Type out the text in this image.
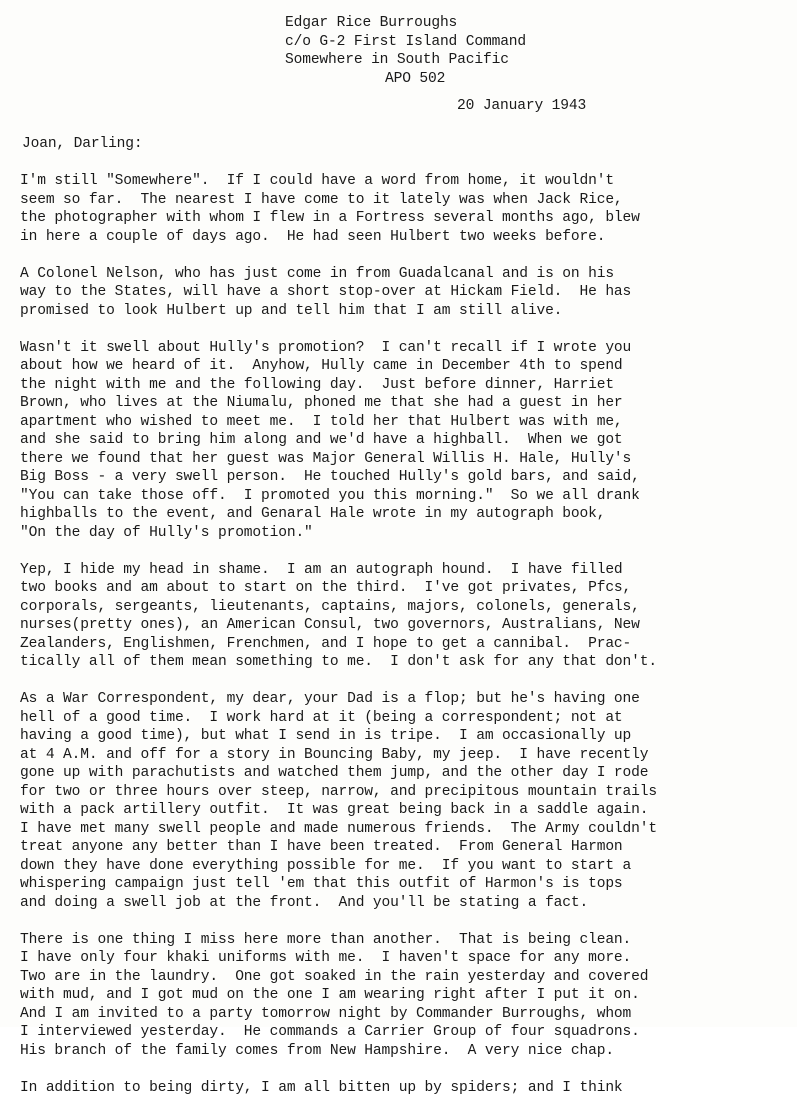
Edgar Rice Burroughs
c/o G-2 First Island Command
Somewhere in South Pacific
APO 502
20 January 1943
Joan, Darling:
I'm still "Somewhere".  If I could have a word from home, it wouldn't
seem so far.  The nearest I have come to it lately was when Jack Rice,
the photographer with whom I flew in a Fortress several months ago, blew
in here a couple of days ago.  He had seen Hulbert two weeks before.
A Colonel Nelson, who has just come in from Guadalcanal and is on his
way to the States, will have a short stop-over at Hickam Field.  He has
promised to look Hulbert up and tell him that I am still alive.
Wasn't it swell about Hully's promotion?  I can't recall if I wrote you
about how we heard of it.  Anyhow, Hully came in December 4th to spend
the night with me and the following day.  Just before dinner, Harriet
Brown, who lives at the Niumalu, phoned me that she had a guest in her
apartment who wished to meet me.  I told her that Hulbert was with me,
and she said to bring him along and we'd have a highball.  When we got
there we found that her guest was Major General Willis H. Hale, Hully's
Big Boss - a very swell person.  He touched Hully's gold bars, and said,
"You can take those off.  I promoted you this morning."  So we all drank
highballs to the event, and Genaral Hale wrote in my autograph book,
"On the day of Hully's promotion."
Yep, I hide my head in shame.  I am an autograph hound.  I have filled
two books and am about to start on the third.  I've got privates, Pfcs,
corporals, sergeants, lieutenants, captains, majors, colonels, generals,
nurses(pretty ones), an American Consul, two governors, Australians, New
Zealanders, Englishmen, Frenchmen, and I hope to get a cannibal.  Prac-
tically all of them mean something to me.  I don't ask for any that don't.
As a War Correspondent, my dear, your Dad is a flop; but he's having one
hell of a good time.  I work hard at it (being a correspondent; not at
having a good time), but what I send in is tripe.  I am occasionally up
at 4 A.M. and off for a story in Bouncing Baby, my jeep.  I have recently
gone up with parachutists and watched them jump, and the other day I rode
for two or three hours over steep, narrow, and precipitous mountain trails
with a pack artillery outfit.  It was great being back in a saddle again.
I have met many swell people and made numerous friends.  The Army couldn't
treat anyone any better than I have been treated.  From General Harmon
down they have done everything possible for me.  If you want to start a
whispering campaign just tell 'em that this outfit of Harmon's is tops
and doing a swell job at the front.  And you'll be stating a fact.
There is one thing I miss here more than another.  That is being clean.
I have only four khaki uniforms with me.  I haven't space for any more.
Two are in the laundry.  One got soaked in the rain yesterday and covered
with mud, and I got mud on the one I am wearing right after I put it on.
And I am invited to a party tomorrow night by Commander Burroughs, whom
I interviewed yesterday.  He commands a Carrier Group of four squadrons.
His branch of the family comes from New Hampshire.  A very nice chap.
In addition to being dirty, I am all bitten up by spiders; and I think
